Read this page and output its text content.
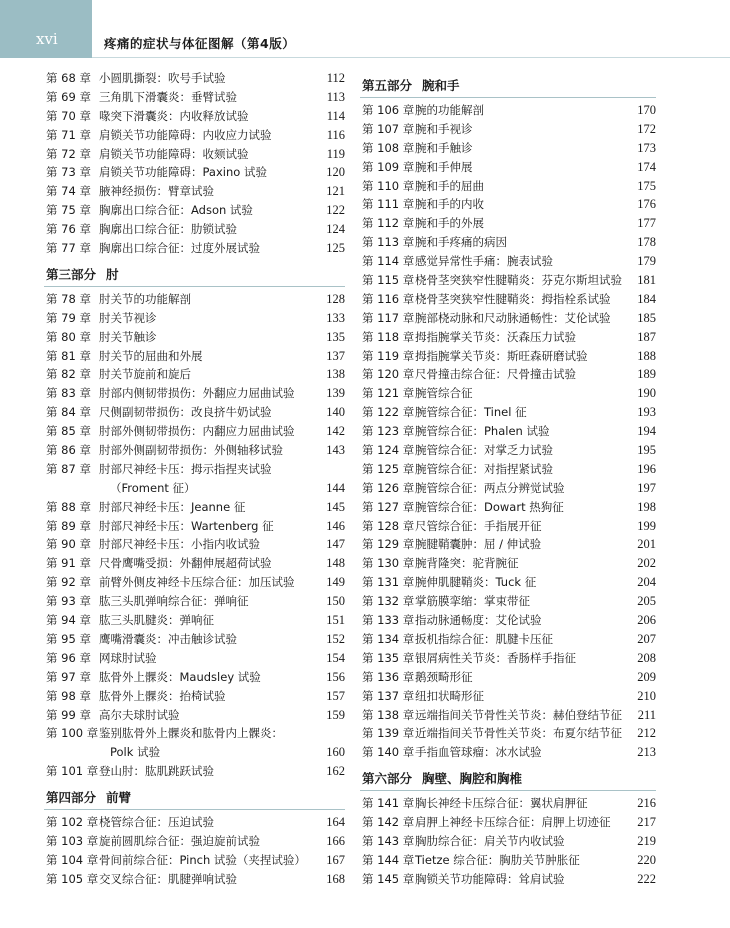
xvi	疼痛的症状与体征图解（第4版）
第 68 章 小圆肌撕裂：吹号手试验	112
第 69 章 三角肌下滑囊炎：垂臂试验	113
第 70 章 喙突下滑囊炎：内收释放试验	114
第 71 章 肩锁关节功能障碍：内收应力试验	116
第 72 章 肩锁关节功能障碍：收颏试验	119
第 73 章 肩锁关节功能障碍：Paxino 试验	120
第 74 章 腋神经损伤：臂章试验	121
第 75 章 胸廓出口综合征：Adson 试验	122
第 76 章 胸廓出口综合征：肋锁试验	124
第 77 章 胸廓出口综合征：过度外展试验	125
第三部分 肘
第 78 章 肘关节的功能解剖	128
第 79 章 肘关节视诊	133
第 80 章 肘关节触诊	135
第 81 章 肘关节的屈曲和外展	137
第 82 章 肘关节旋前和旋后	138
第 83 章 肘部内侧韧带损伤：外翻应力屈曲试验	139
第 84 章 尺侧副韧带损伤：改良挤牛奶试验	140
第 85 章 肘部外侧韧带损伤：内翻应力屈曲试验	142
第 86 章 肘部外侧副韧带损伤：外侧轴移试验	143
第 87 章 肘部尺神经卡压：拇示指捏夹试验
（Froment 征）	144
第 88 章 肘部尺神经卡压：Jeanne 征	145
第 89 章 肘部尺神经卡压：Wartenberg 征	146
第 90 章 肘部尺神经卡压：小指内收试验	147
第 91 章 尺骨鹰嘴受损：外翻伸展超荷试验	148
第 92 章 前臂外侧皮神经卡压综合征：加压试验	149
第 93 章 肱三头肌弹响综合征：弹响征	150
第 94 章 肱三头肌腱炎：弹响征	151
第 95 章 鹰嘴滑囊炎：冲击触诊试验	152
第 96 章 网球肘试验	154
第 97 章 肱骨外上髁炎：Maudsley 试验	156
第 98 章 肱骨外上髁炎：抬椅试验	157
第 99 章 高尔夫球肘试验	159
第 100 章 鉴别肱骨外上髁炎和肱骨内上髁炎：
Polk 试验	160
第 101 章 登山肘：肱肌跳跃试验	162
第四部分 前臂
第 102 章 桡管综合征：压迫试验	164
第 103 章 旋前圆肌综合征：强迫旋前试验	166
第 104 章 骨间前综合征：Pinch 试验（夹捏试验） 167
第 105 章 交叉综合征：肌腱弹响试验	168
第五部分 腕和手
第 106 章 腕的功能解剖	170
第 107 章 腕和手视诊	172
第 108 章 腕和手触诊	173
第 109 章 腕和手伸展	174
第 110 章 腕和手的屈曲	175
第 111 章 腕和手的内收	176
第 112 章 腕和手的外展	177
第 113 章 腕和手疼痛的病因	178
第 114 章 感觉异常性手痛：腕表试验	179
第 115 章 桡骨茎突狭窄性腱鞘炎：芬克尔斯坦试验 181
第 116 章 桡骨茎突狭窄性腱鞘炎：拇指栓系试验 184
第 117 章 腕部桡动脉和尺动脉通畅性：艾伦试验 185
第 118 章 拇指腕掌关节炎：沃森压力试验	187
第 119 章 拇指腕掌关节炎：斯旺森研磨试验	188
第 120 章 尺骨撞击综合征：尺骨撞击试验	189
第 121 章 腕管综合征	190
第 122 章 腕管综合征：Tinel 征	193
第 123 章 腕管综合征：Phalen 试验	194
第 124 章 腕管综合征：对掌乏力试验	195
第 125 章 腕管综合征：对指捏紧试验	196
第 126 章 腕管综合征：两点分辨觉试验	197
第 127 章 腕管综合征：Dowart 热狗征	198
第 128 章 尺管综合征：手指展开征	199
第 129 章 腕腱鞘囊肿：屈 / 伸试验	201
第 130 章 腕背隆突：驼背腕征	202
第 131 章 腕伸肌腱鞘炎：Tuck 征	204
第 132 章 掌筋膜挛缩：掌束带征	205
第 133 章 指动脉通畅度：艾伦试验	206
第 134 章 扳机指综合征：肌腱卡压征	207
第 135 章 银屑病性关节炎：香肠样手指征	208
第 136 章 鹅颈畸形征	209
第 137 章 纽扣状畸形征	210
第 138 章 远端指间关节骨性关节炎：赫伯登结节征 211
第 139 章 近端指间关节骨性关节炎：布夏尔结节征 212
第 140 章 手指血管球瘤：冰水试验	213
第六部分 胸壁、胸腔和胸椎
第 141 章 胸长神经卡压综合征：翼状肩胛征	216
第 142 章 肩胛上神经卡压综合征：肩胛上切迹征 217
第 143 章 胸肋综合征：肩关节内收试验	219
第 144 章 Tietze 综合征：胸肋关节肿胀征	220
第 145 章 胸锁关节功能障碍：耸肩试验	222
